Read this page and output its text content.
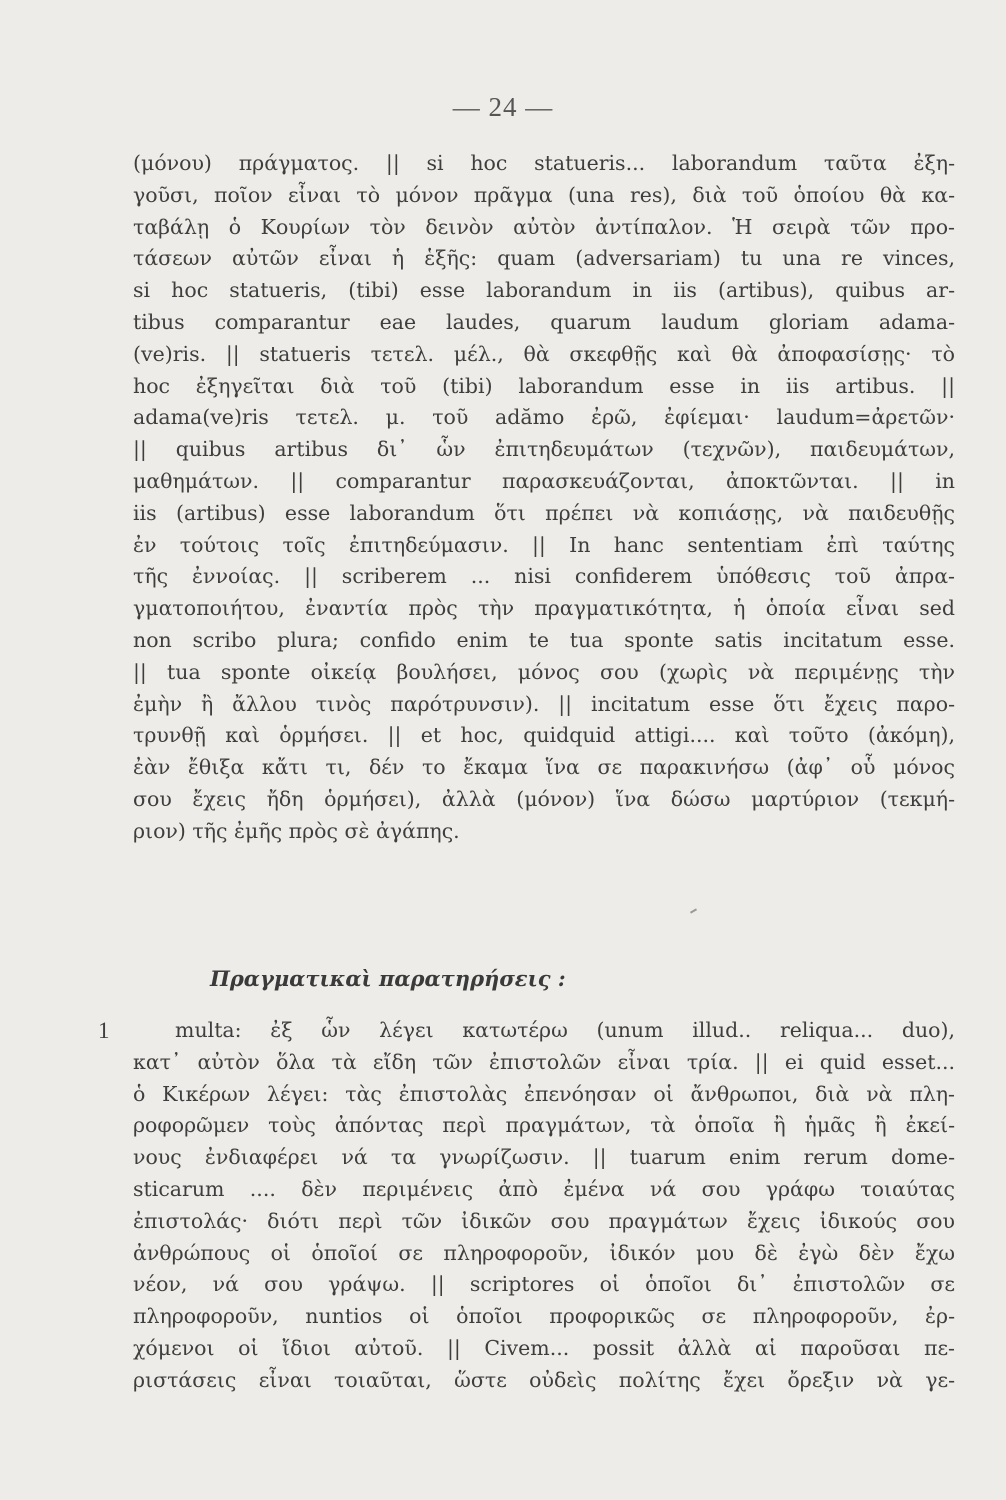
— 24 —
(μόνου) πράγματος. || si hoc statueris... laborandum ταῦτα ἐξη-
γοῦσι, ποῖον εἶναι τὸ μόνον πρᾶγμα (una res), διὰ τοῦ ὁποίου θὰ κα-
ταβάλῃ ὁ Κουρίων τὸν δεινὸν αὐτὸν ἀντίπαλον. Ἡ σειρὰ τῶν προ-
τάσεων αὐτῶν εἶναι ἡ ἑξῆς: quam (adversariam) tu una re vinces,
si hoc statueris, (tibi) esse laborandum in iis (artibus), quibus ar-
tibus comparantur eae laudes, quarum laudum gloriam adama-
(ve)ris. || statueris τετελ. μέλ., θὰ σκεφθῇς καὶ θὰ ἀποφασίσῃς· τὸ
hoc ἐξηγεῖται διὰ τοῦ (tibi) laborandum esse in iis artibus. ||
adama(ve)ris τετελ. μ. τοῦ adămo ἐρῶ, ἐφίεμαι· laudum=ἀρετῶν·
|| quibus artibus δι᾽ ὧν ἐπιτηδευμάτων (τεχνῶν), παιδευμάτων,
μαθημάτων. || comparantur παρασκευάζονται, ἀποκτῶνται. || in
iis (artibus) esse laborandum ὅτι πρέπει νὰ κοπιάσῃς, νὰ παιδευθῇς
ἐν τούτοις τοῖς ἐπιτηδεύμασιν. || In hanc sententiam ἐπὶ ταύτης
τῆς ἐννοίας. || scriberem ... nisi confiderem ὑπόθεσις τοῦ ἀπρα-
γματοποιήτου, ἐναντία πρὸς τὴν πραγματικότητα, ἡ ὁποία εἶναι sed
non scribo plura; confido enim te tua sponte satis incitatum esse.
|| tua sponte οἰκείᾳ βουλήσει, μόνος σου (χωρὶς νὰ περιμένῃς τὴν
ἐμὴν ἢ ἄλλου τινὸς παρότρυνσιν). || incitatum esse ὅτι ἔχεις παρο-
τρυνθῇ καὶ ὁρμήσει. || et hoc, quidquid attigi.... καὶ τοῦτο (ἀκόμη),
ἐὰν ἔθιξα κἄτι τι, δέν το ἔκαμα ἵνα σε παρακινήσω (ἀφ᾽ οὗ μόνος
σου ἔχεις ἤδη ὁρμήσει), ἀλλὰ (μόνον) ἵνα δώσω μαρτύριον (τεκμή-
ριον) τῆς ἐμῆς πρὸς σὲ ἀγάπης.
Πραγματικαὶ παρατηρήσεις :
1	multa: ἐξ ὧν λέγει κατωτέρω (unum illud.. reliqua... duo),
κατ᾽ αὐτὸν ὅλα τὰ εἴδη τῶν ἐπιστολῶν εἶναι τρία. || ei quid esset...
ὁ Κικέρων λέγει: τὰς ἐπιστολὰς ἐπενόησαν οἱ ἄνθρωποι, διὰ νὰ πλη-
ροφορῶμεν τοὺς ἀπόντας περὶ πραγμάτων, τὰ ὁποῖα ἢ ἡμᾶς ἢ ἐκεί-
νους ἐνδιαφέρει νά τα γνωρίζωσιν. || tuarum enim rerum dome-
sticarum .... δὲν περιμένεις ἀπὸ ἐμένα νά σου γράφω τοιαύτας
ἐπιστολάς· διότι περὶ τῶν ἰδικῶν σου πραγμάτων ἔχεις ἰδικούς σου
ἀνθρώπους οἱ ὁποῖοί σε πληροφοροῦν, ἰδικόν μου δὲ ἐγὼ δὲν ἔχω
νέον, νά σου γράψω. || scriptores οἱ ὁποῖοι δι᾽ ἐπιστολῶν σε
πληροφοροῦν, nuntios οἱ ὁποῖοι προφορικῶς σε πληροφοροῦν, ἐρ-
χόμενοι οἱ ἴδιοι αὐτοῦ. || Civem... possit ἀλλὰ αἱ παροῦσαι πε-
ριστάσεις εἶναι τοιαῦται, ὥστε οὐδεὶς πολίτης ἔχει ὄρεξιν νὰ γε-
